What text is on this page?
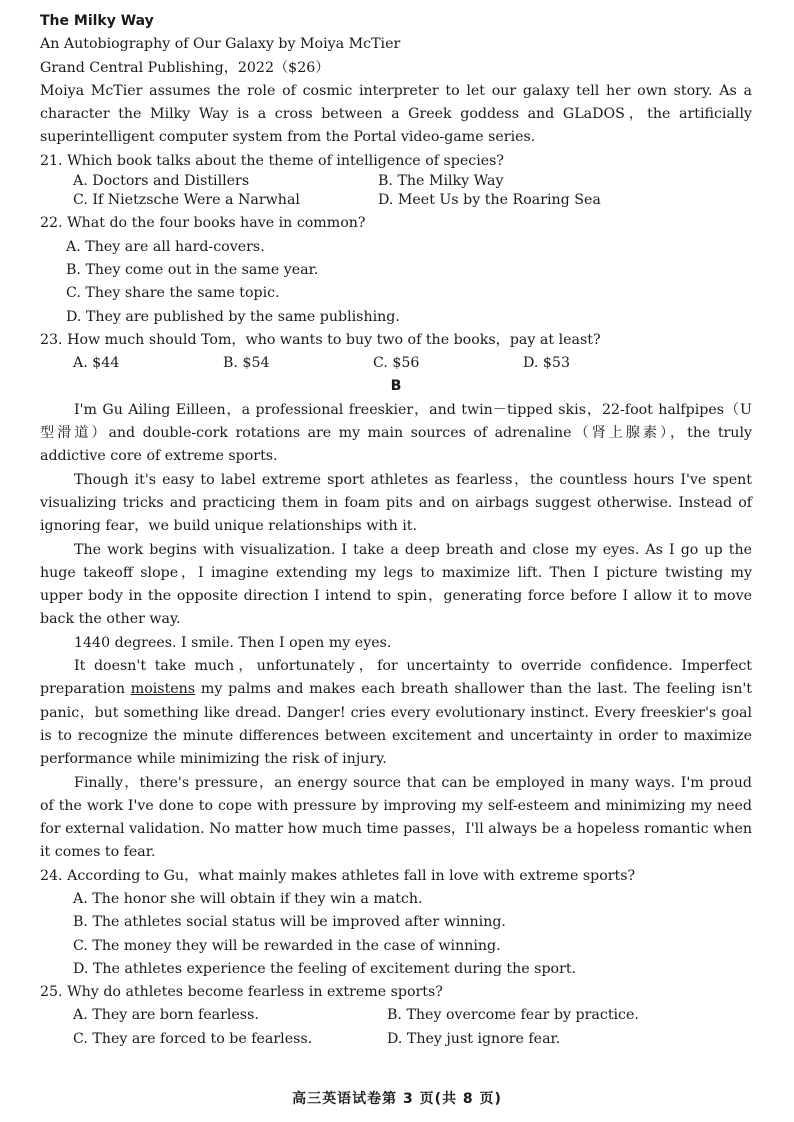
The Milky Way

An Autobiography of Our Galaxy by Moiya McTier

Grand Central Publishing，2022（$26）

Moiya McTier assumes the role of cosmic interpreter to let our galaxy tell her own story. As a character the Milky Way is a cross between a Greek goddess and GLaDOS，the artificially superintelligent computer system from the Portal video-game series.

21. Which book talks about the theme of intelligence of species?

A. Doctors and Distillers	B. The Milky Way
C. If Nietzsche Were a Narwhal	D. Meet Us by the Roaring Sea

22. What do the four books have in common?

A. They are all hard-covers.

B. They come out in the same year.

C. They share the same topic.

D. They are published by the same publishing.

23. How much should Tom，who wants to buy two of the books，pay at least?

A. $44	B. $54	C. $56	D. $53

B

I'm Gu Ailing Eilleen，a professional freeskier，and twin－tipped skis，22-foot halfpipes（U 型滑道）and double-cork rotations are my main sources of adrenaline（肾上腺素），the truly addictive core of extreme sports.

Though it's easy to label extreme sport athletes as fearless，the countless hours I've spent visualizing tricks and practicing them in foam pits and on airbags suggest otherwise. Instead of ignoring fear，we build unique relationships with it.

The work begins with visualization. I take a deep breath and close my eyes. As I go up the huge takeoff slope，I imagine extending my legs to maximize lift. Then I picture twisting my upper body in the opposite direction I intend to spin，generating force before I allow it to move back the other way.

1440 degrees. I smile. Then I open my eyes.

It doesn't take much，unfortunately，for uncertainty to override confidence. Imperfect preparation moistens my palms and makes each breath shallower than the last. The feeling isn't panic，but something like dread. Danger! cries every evolutionary instinct. Every freeskier's goal is to recognize the minute differences between excitement and uncertainty in order to maximize performance while minimizing the risk of injury.

Finally，there's pressure，an energy source that can be employed in many ways. I'm proud of the work I've done to cope with pressure by improving my self-esteem and minimizing my need for external validation. No matter how much time passes，I'll always be a hopeless romantic when it comes to fear.

24. According to Gu，what mainly makes athletes fall in love with extreme sports?

A. The honor she will obtain if they win a match.

B. The athletes social status will be improved after winning.

C. The money they will be rewarded in the case of winning.

D. The athletes experience the feeling of excitement during the sport.

25. Why do athletes become fearless in extreme sports?

A. They are born fearless.	B. They overcome fear by practice.
C. They are forced to be fearless.	D. They just ignore fear.
高三英语试卷第 3 页(共 8 页)
